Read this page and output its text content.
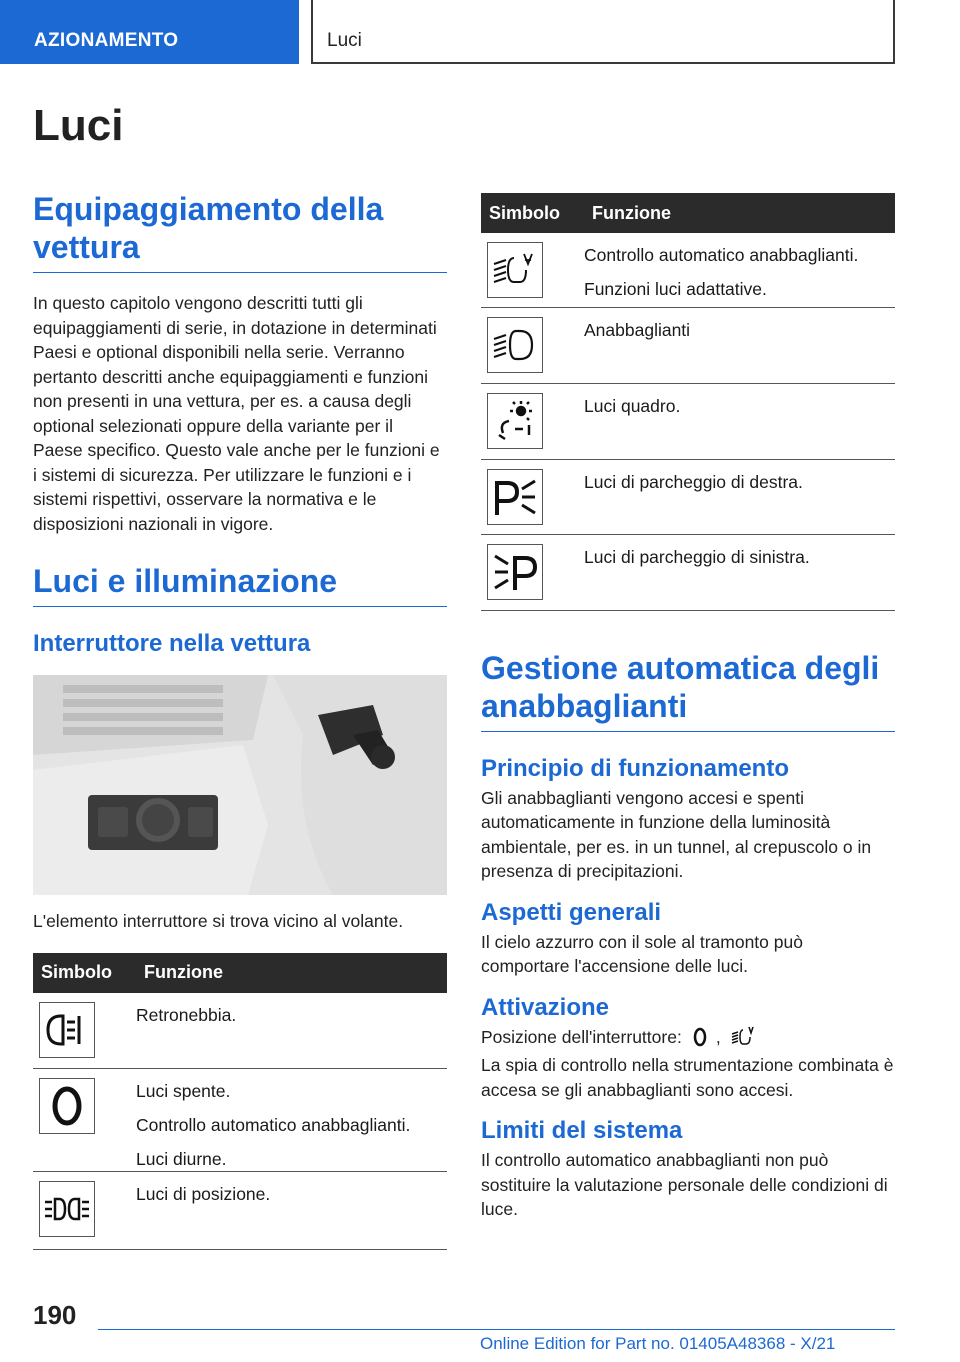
AZIONAMENTO	Luci
Luci
Equipaggiamento della vettura
In questo capitolo vengono descritti tutti gli equipaggiamenti di serie, in dotazione in determinati Paesi e optional disponibili nella serie. Verranno pertanto descritti anche equipaggiamenti e funzioni non presenti in una vettura, per es. a causa degli optional selezionati oppure della variante per il Paese specifico. Questo vale anche per le funzioni e i sistemi di sicurezza. Per utilizzare le funzioni e i sistemi rispettivi, osservare la normativa e le disposizioni nazionali in vigore.
Luci e illuminazione
Interruttore nella vettura
L'elemento interruttore si trova vicino al volante.
Simbolo	Funzione

Retronebbia.

Luci spente.
Controllo automatico anabbaglianti.
Luci diurne.

Luci di posizione.
Simbolo	Funzione

Controllo automatico anabbaglianti.
Funzioni luci adattative.

Anabbaglianti

Luci quadro.

Luci di parcheggio di destra.

Luci di parcheggio di sinistra.
Gestione automatica degli anabbaglianti
Principio di funzionamento
Gli anabbaglianti vengono accesi e spenti automaticamente in funzione della luminosità ambientale, per es. in un tunnel, al crepuscolo o in presenza di precipitazioni.
Aspetti generali
Il cielo azzurro con il sole al tramonto può comportare l'accensione delle luci.
Attivazione
Posizione dell'interruttore: ,
La spia di controllo nella strumentazione combinata è accesa se gli anabbaglianti sono accesi.
Limiti del sistema
Il controllo automatico anabbaglianti non può sostituire la valutazione personale delle condizioni di luce.
190
Online Edition for Part no. 01405A48368 - X/21
